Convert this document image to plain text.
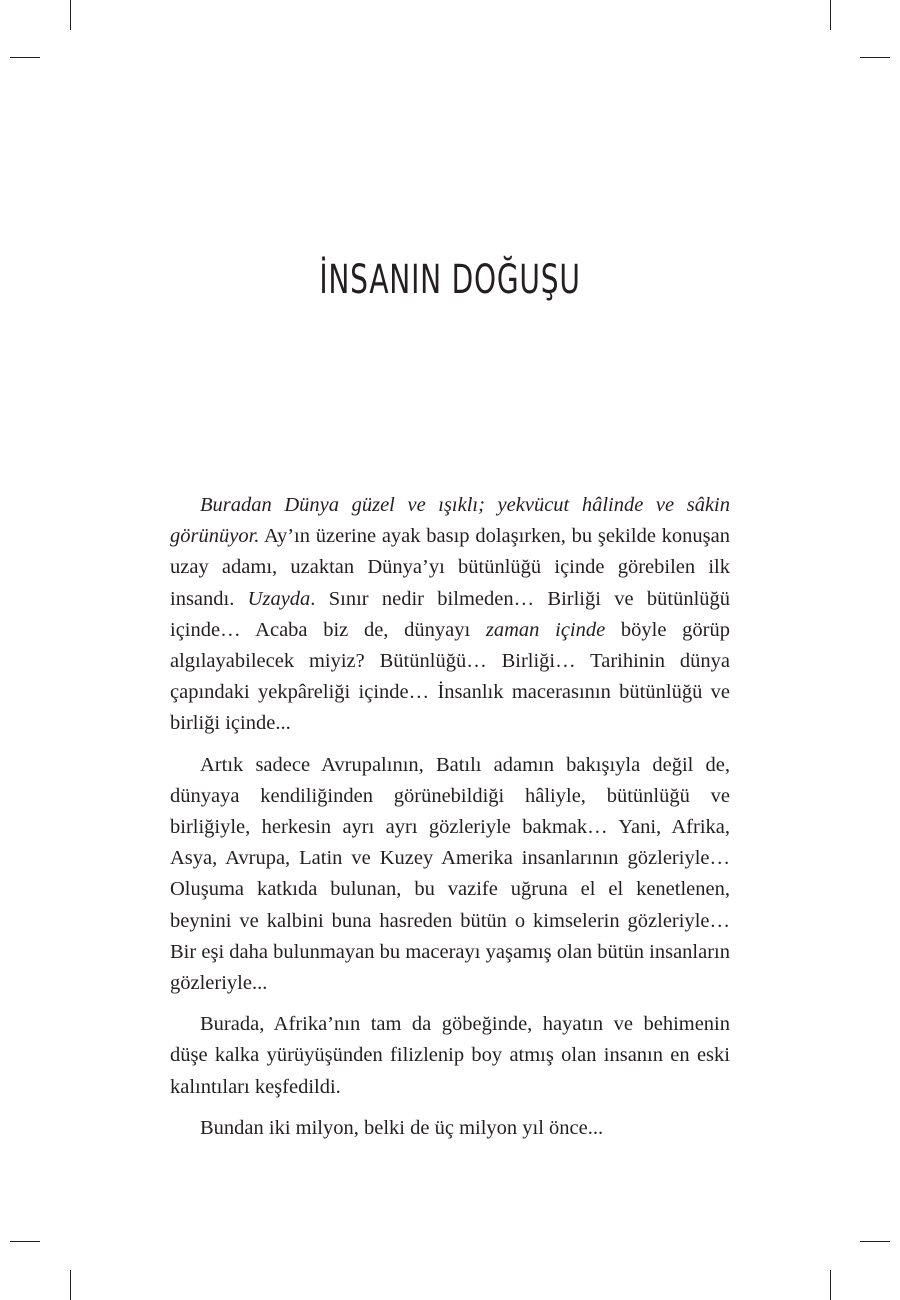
İNSANIN DOĞUŞU

Buradan Dünya güzel ve ışıklı; yekvücut hâlinde ve sâkin görünüyor. Ay’ın üzerine ayak basıp dolaşırken, bu şekilde konuşan uzay adamı, uzaktan Dünya’yı bütünlüğü içinde görebilen ilk insandı. Uzayda. Sınır nedir bilmeden… Birliği ve bütünlüğü içinde… Acaba biz de, dünyayı zaman içinde böyle görüp algılayabilecek miyiz? Bütünlüğü… Birliği… Tarihinin dünya çapındaki yekpâreliği içinde… İnsanlık macerasının bütünlüğü ve birliği içinde...

Artık sadece Avrupalının, Batılı adamın bakışıyla değil de, dünyaya kendiliğinden görünebildiği hâliyle, bütünlüğü ve birliğiyle, herkesin ayrı ayrı gözleriyle bakmak… Yani, Afrika, Asya, Avrupa, Latin ve Kuzey Amerika insanlarının gözleriyle… Oluşuma katkıda bulunan, bu vazife uğruna el el kenetlenen, beynini ve kalbini buna hasreden bütün o kimselerin gözleriyle… Bir eşi daha bulunmayan bu macerayı yaşamış olan bütün insanların gözleriyle...

Burada, Afrika’nın tam da göbeğinde, hayatın ve behimenin düşe kalka yürüyüşünden filizlenip boy atmış olan insanın en eski kalıntıları keşfedildi.

Bundan iki milyon, belki de üç milyon yıl önce...
